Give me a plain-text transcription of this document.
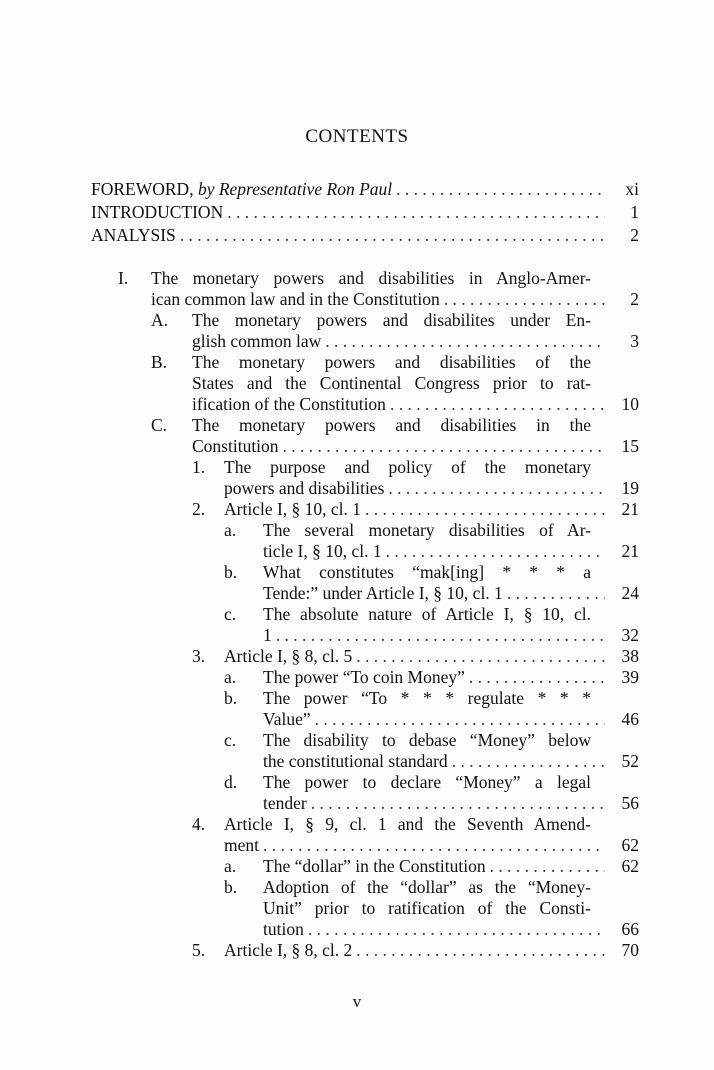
CONTENTS
FOREWORD,
by Representative Ron Paul . . .	xi
INTRODUCTION . . .	1
ANALYSIS . . .	2
I.	The monetary powers and disabilities in Anglo-Amer-
ican common law and in the Constitution . . .	2
A.	The monetary powers and disabilites under En-
glish common law . . .	3
B.	The monetary powers and disabilities of the
States and the Continental Congress prior to rat-
ification of the Constitution . . .	10
C.	The monetary powers and disabilities in the
Constitution . . .	15
1.	The purpose and policy of the monetary
powers and disabilities . . .	19
2.	Article I, § 10, cl. 1 . . .	21
a.	The several monetary disabilities of Ar-
ticle I, § 10, cl. 1 . . .	21
b.	What constitutes “mak[ing] * * * a
Tende:” under Article I, § 10, cl. 1 . . .	24
c.	The absolute nature of Article I, § 10, cl.
1 . . .	32
3.	Article I, § 8, cl. 5 . . .	38
a.	The power “To coin Money” . . .	39
b.	The power “To * * * regulate * * *
Value” . . .	46
c.	The disability to debase “Money” below
the constitutional standard . . .	52
d.	The power to declare “Money” a legal
tender . . .	56
4.	Article I, § 9, cl. 1 and the Seventh Amend-
ment . . .	62
a.	The “dollar” in the Constitution . . .	62
b.	Adoption of the “dollar” as the “Money-
Unit” prior to ratification of the Consti-
tution . . .	66
5.	Article I, § 8, cl. 2 . . .	70
v
